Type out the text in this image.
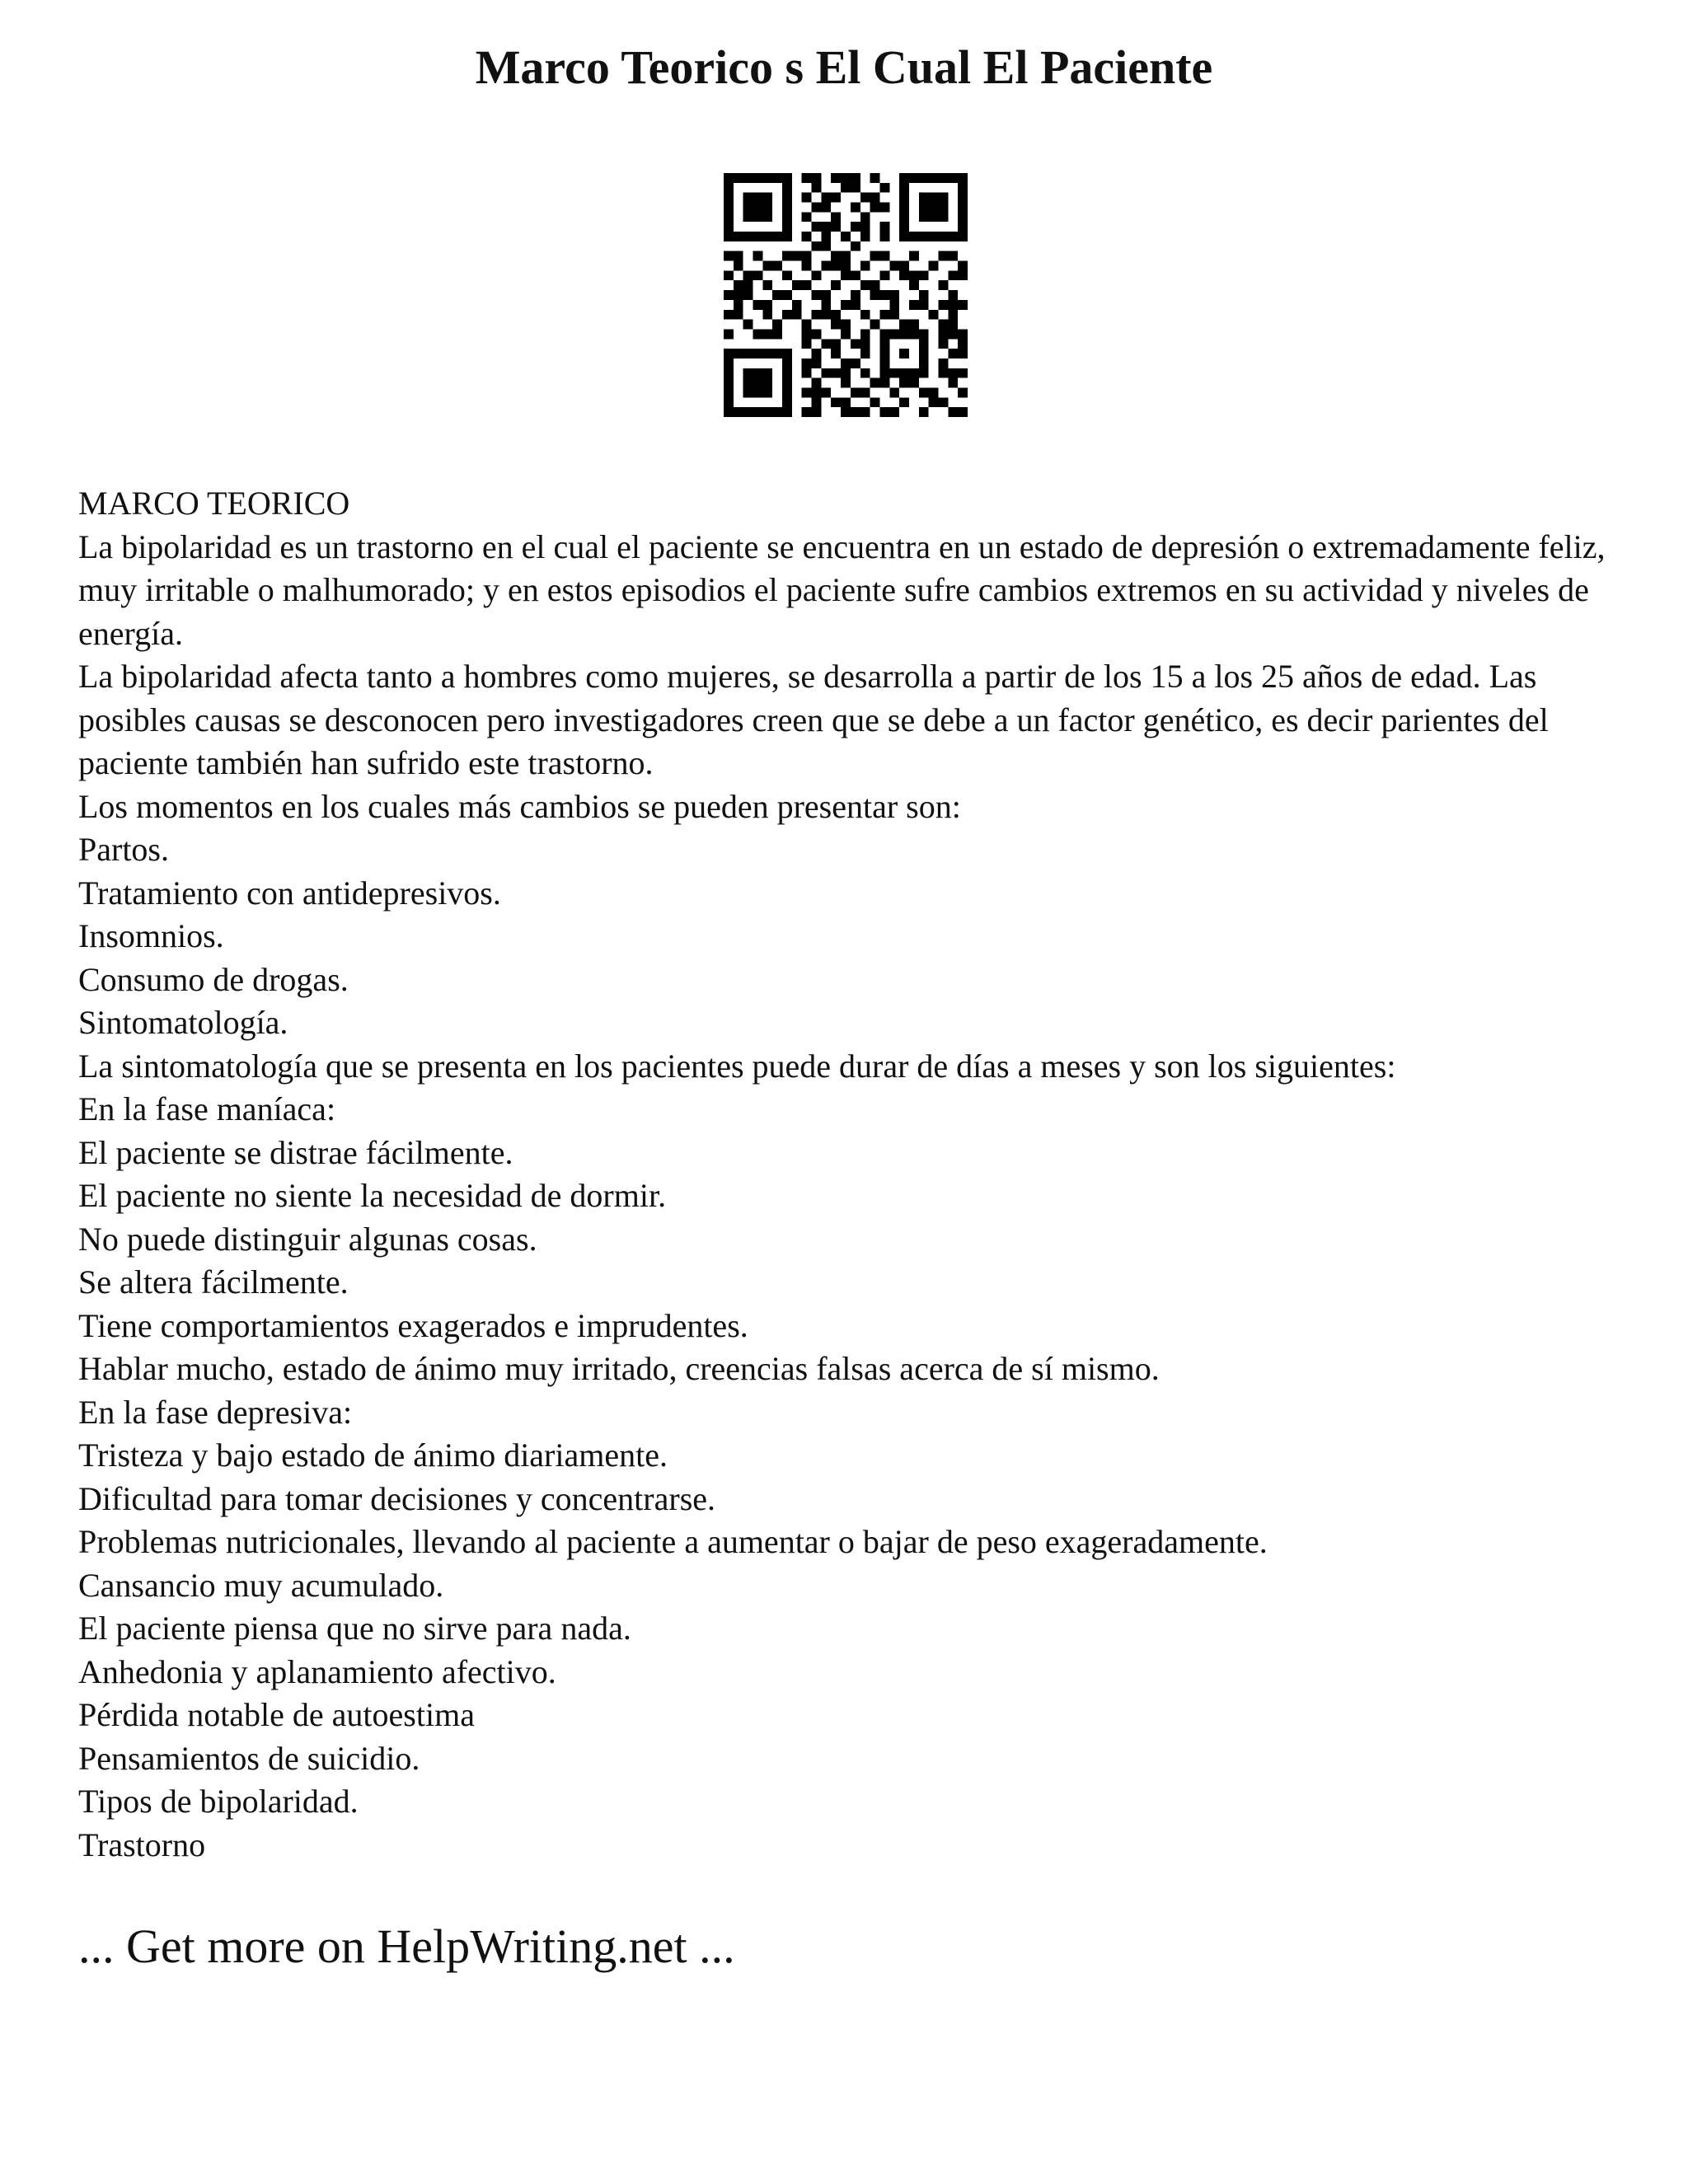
Marco Teorico s El Cual El Paciente
MARCO TEORICO
La bipolaridad es un trastorno en el cual el paciente se encuentra en un estado de depresión o extremadamente feliz, muy irritable o malhumorado; y en estos episodios el paciente sufre cambios extremos en su actividad y niveles de energía.
La bipolaridad afecta tanto a hombres como mujeres, se desarrolla a partir de los 15 a los 25 años de edad. Las posibles causas se desconocen pero investigadores creen que se debe a un factor genético, es decir parientes del paciente también han sufrido este trastorno.
Los momentos en los cuales más cambios se pueden presentar son:
Partos.
Tratamiento con antidepresivos.
Insomnios.
Consumo de drogas.
Sintomatología.
La sintomatología que se presenta en los pacientes puede durar de días a meses y son los siguientes:
En la fase maníaca:
El paciente se distrae fácilmente.
El paciente no siente la necesidad de dormir.
No puede distinguir algunas cosas.
Se altera fácilmente.
Tiene comportamientos exagerados e imprudentes.
Hablar mucho, estado de ánimo muy irritado, creencias falsas acerca de sí mismo.
En la fase depresiva:
Tristeza y bajo estado de ánimo diariamente.
Dificultad para tomar decisiones y concentrarse.
Problemas nutricionales, llevando al paciente a aumentar o bajar de peso exageradamente.
Cansancio muy acumulado.
El paciente piensa que no sirve para nada.
Anhedonia y aplanamiento afectivo.
Pérdida notable de autoestima
Pensamientos de suicidio.
Tipos de bipolaridad.
Trastorno
... Get more on HelpWriting.net ...
